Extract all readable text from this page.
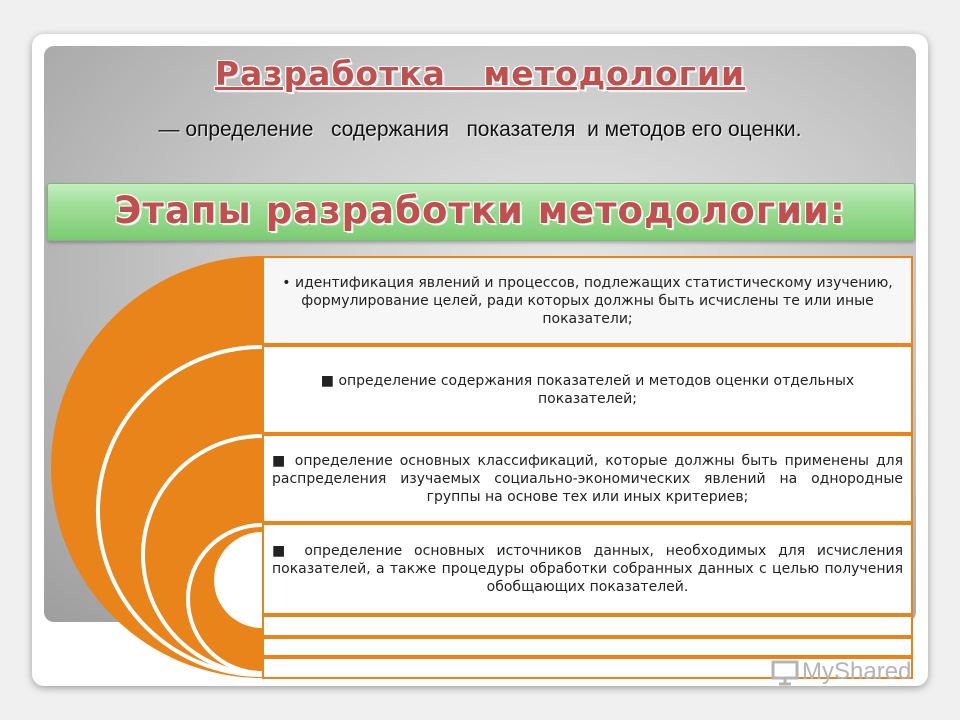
Разработка   методологии
— определение   содержания   показателя  и методов его оценки.
Этапы разработки методологии:
• идентификация явлений и процессов, подлежащих статистическому изучению, формулирование целей, ради которых должны быть исчислены те или иные показатели;
■ определение содержания показателей и методов оценки отдельных показателей;
■ определение основных классификаций, которые должны быть применены для распределения изучаемых социально-экономических явлений на однородные группы на основе тех или иных критериев;
■ определение основных источников данных, необходимых для исчисления показателей, а также процедуры обработки собранных данных с целью получения обобщающих показателей.
My Shared
